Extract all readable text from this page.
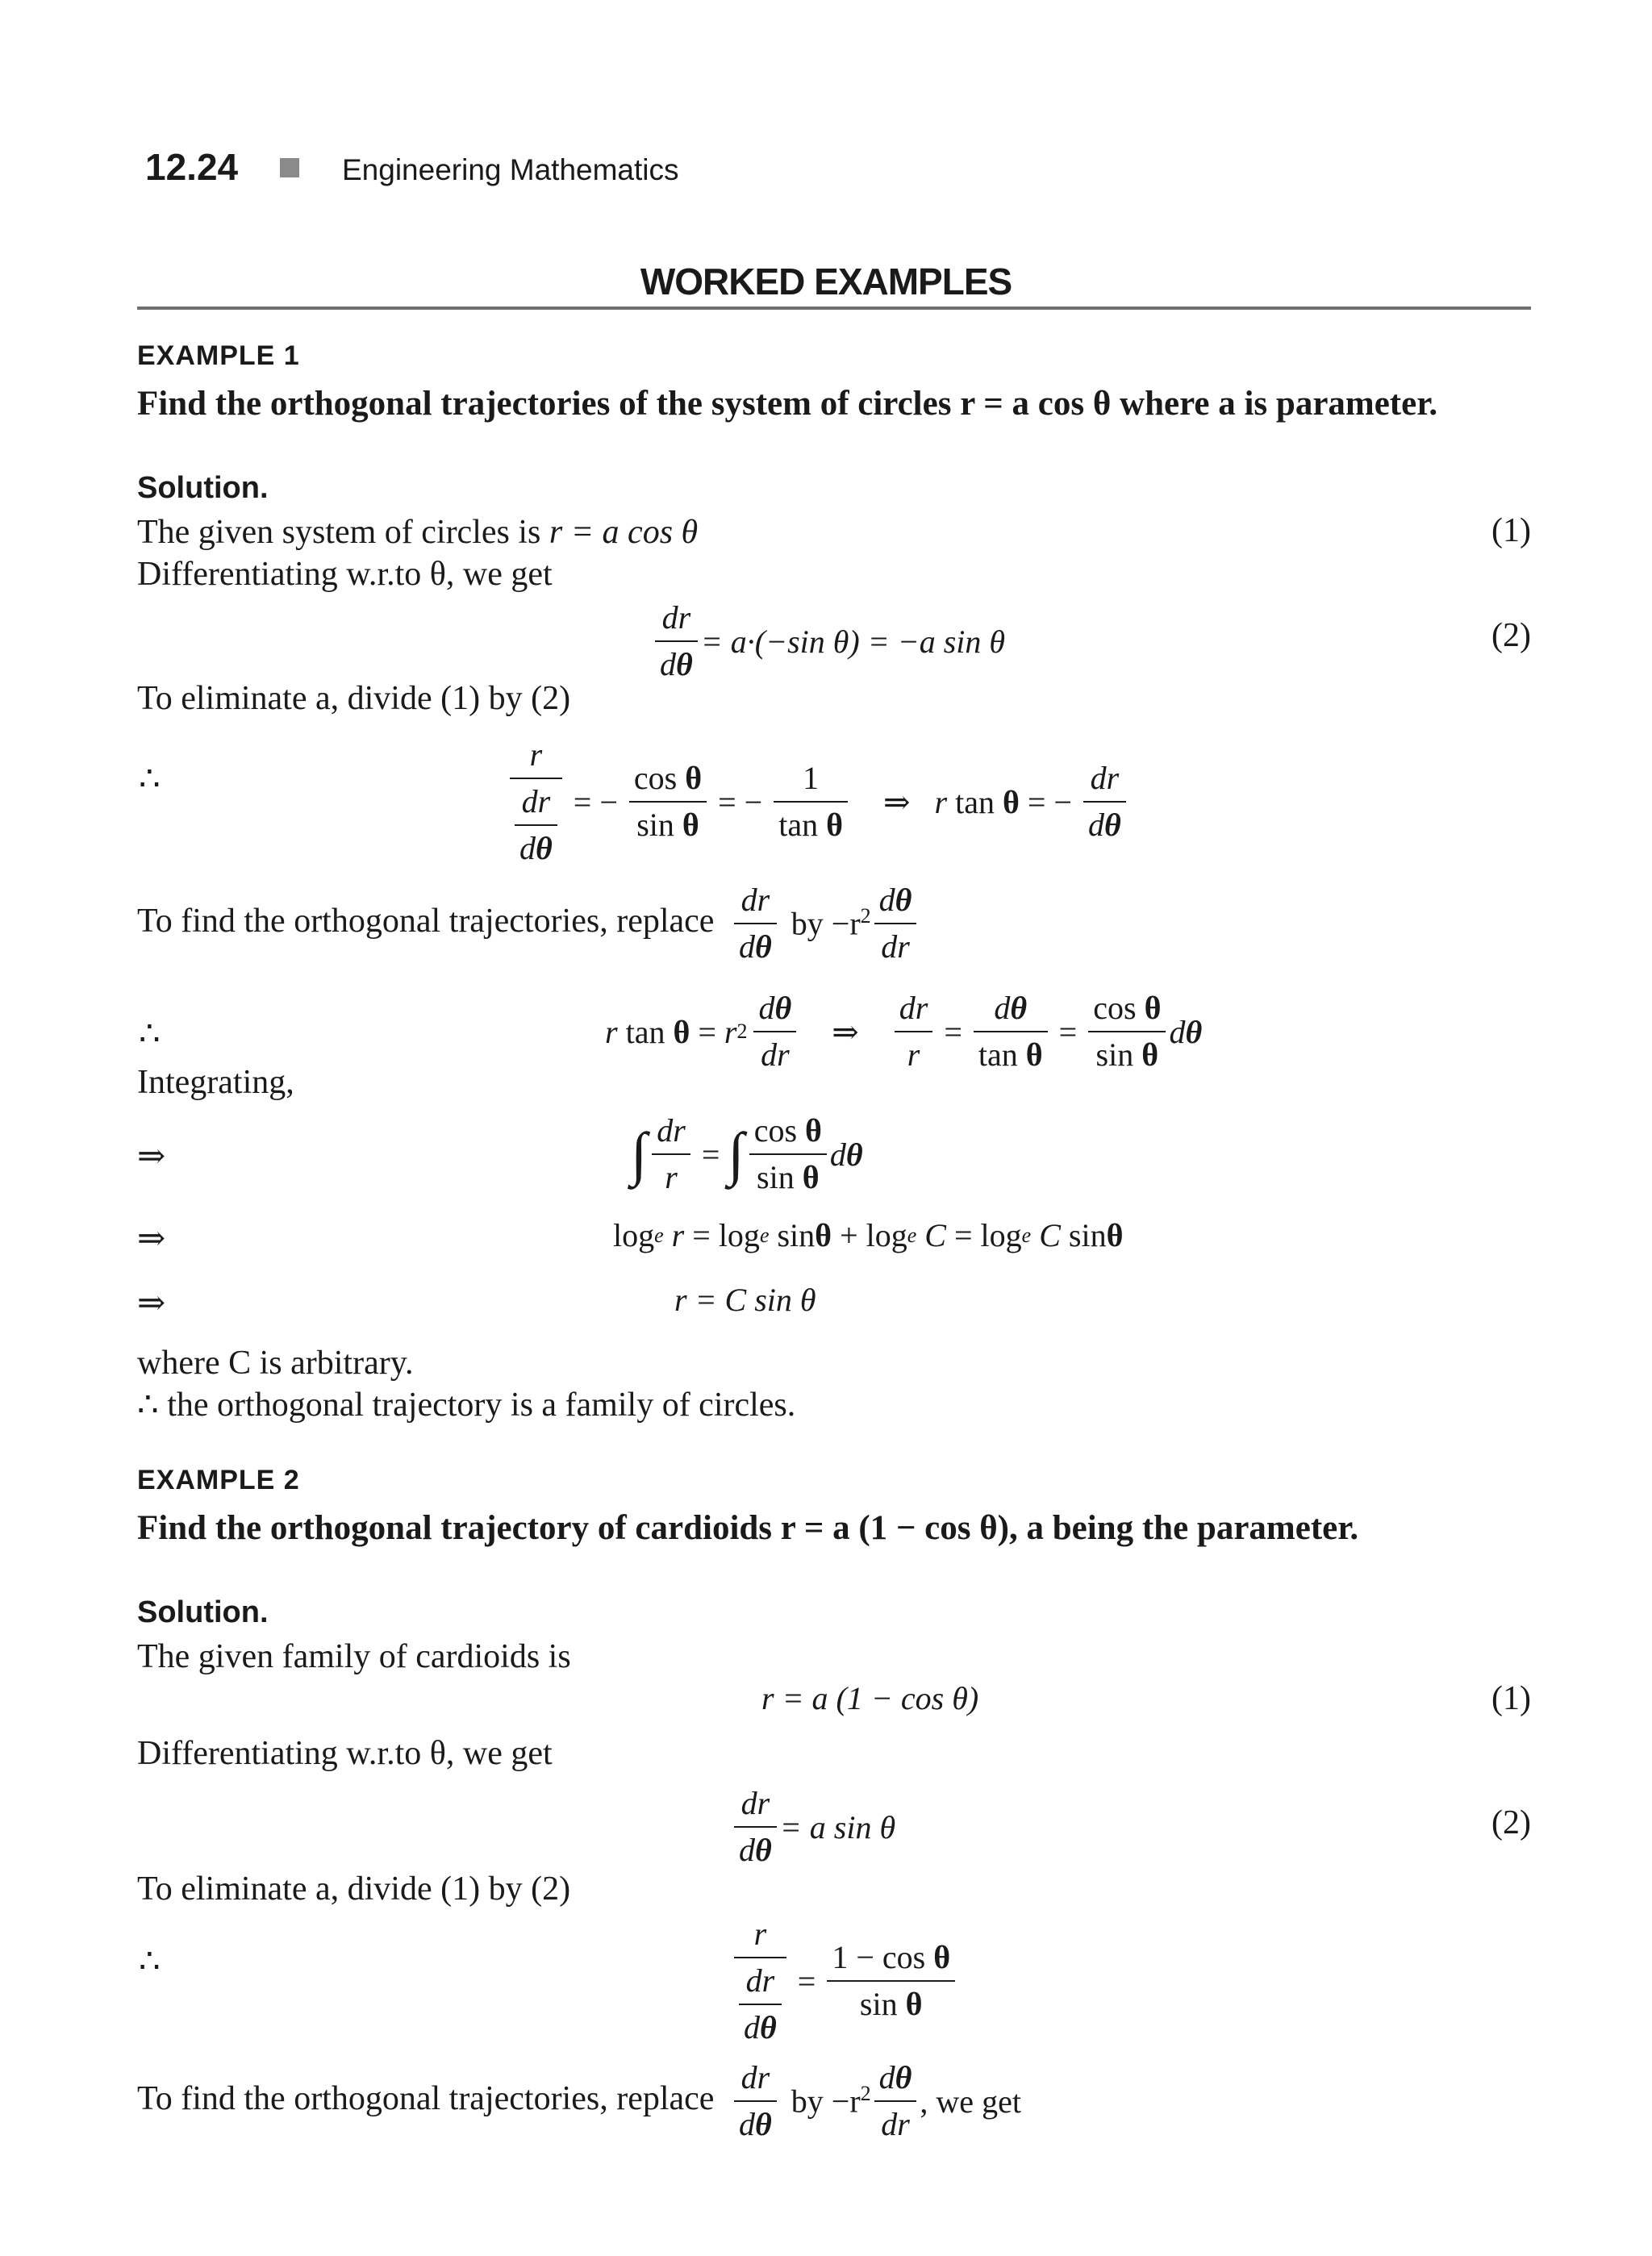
12.24	Engineering Mathematics
WORKED EXAMPLES
EXAMPLE 1
Find the orthogonal trajectories of the system of circles r = a cos θ where a is parameter.
Solution.
The given system of circles is r = a cos θ	(1)
Differentiating w.r.to θ, we get
$\frac{dr}{d\theta} = a\cdot(-\sin$ θ) = −a sin θ	(2)
To eliminate a, divide (1) by (2)
∴	$\frac{r}{\frac{dr}{d\theta}}$ = − $\frac{\text{cos θ}}{\text{sin θ}}$ = − $\frac{1}{\text{tan θ}}$ ⇒ r tan θ = − $\frac{dr}{d\theta}$
To find the orthogonal trajectories, replace $\frac{dr}{d\theta}$ by $-r^2 \frac{d\theta}{dr}$
∴	r tan θ = r $2 \frac{d\theta}{dr}$ ⇒ $\frac{dr}{r} = \frac{d\theta}{\text{tan θ}} = \frac{\text{cos θ}}{\text{sin θ}}$ dθ
Integrating,
⇒	∫ $\frac{dr}{r}$ = ∫ $\frac{\text{cos θ}}{\text{sin θ}}$ dθ
⇒	log e r = log e sin θ + log e
C = log e
C sin θ
⇒	r = C sin θ
where C is arbitrary.
∴ the orthogonal trajectory is a family of circles.
EXAMPLE 2
Find the orthogonal trajectory of cardioids r = a (1 − cos θ), a being the parameter.
Solution.
The given family of cardioids is
r = a (1 − cos θ)	(1)
Differentiating w.r.to θ, we get
$\frac{dr}{d\theta} = a$ sin θ	(2)
To eliminate a, divide (1) by (2)
∴	$\frac{r}{\frac{dr}{d\theta}} = \frac{\text{1 − cos θ}}{\text{sin θ}}$
To find the orthogonal trajectories, replace $\frac{dr}{d\theta}$ by $-r^2 \frac{d\theta}{dr}$ , we get
